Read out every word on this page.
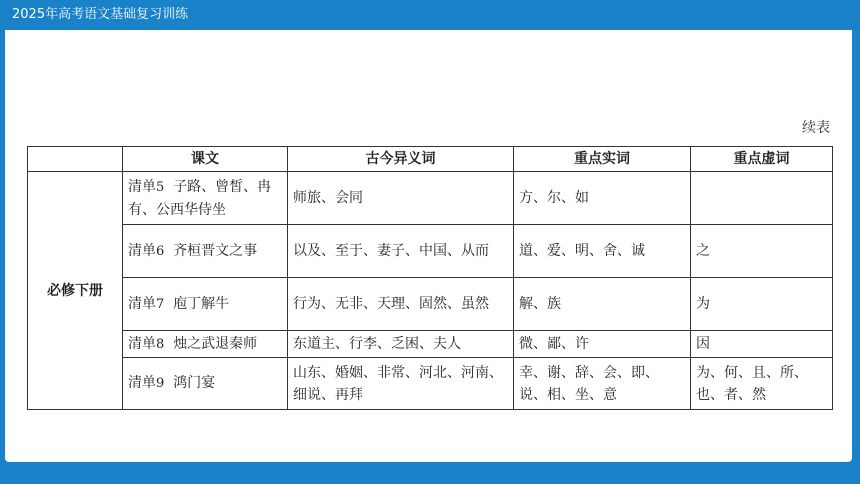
2025年高考语文基础复习训练
续表
	课文	古今异义词	重点实词	重点虚词
必修下册	清单5 子路、曾皙、冉有、公西华侍坐	师旅、会同	方、尔、如	
	清单6 齐桓晋文之事	以及、至于、妻子、中国、从而	道、爱、明、舍、诚	之
	清单7 庖丁解牛	行为、无非、天理、固然、虽然	解、族	为
	清单8 烛之武退秦师	东道主、行李、乏困、夫人	微、鄙、许	因
	清单9 鸿门宴	山东、婚姻、非常、河北、河南、细说、再拜	幸、谢、辞、会、即、说、相、坐、意	为、何、且、所、也、者、然
